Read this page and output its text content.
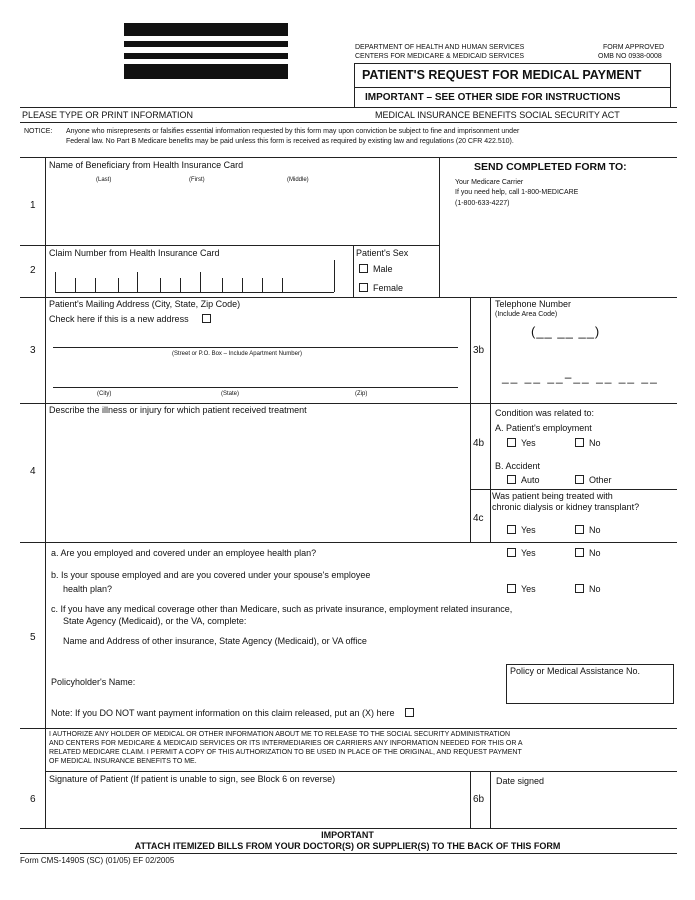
DEPARTMENT OF HEALTH AND HUMAN SERVICES
CENTERS FOR MEDICARE & MEDICAID SERVICES
FORM APPROVED
OMB NO 0938-0008
PATIENT'S REQUEST FOR MEDICAL PAYMENT
IMPORTANT – SEE OTHER SIDE FOR INSTRUCTIONS
PLEASE TYPE OR PRINT INFORMATION	MEDICAL INSURANCE BENEFITS SOCIAL SECURITY ACT
NOTICE: Anyone who misrepresents or falsifies essential information requested by this form may upon conviction be subject to fine and imprisonment under
Federal law. No Part B Medicare benefits may be paid unless this form is received as required by existing law and regulations (20 CFR 422.510).
1
Name of Beneficiary from Health Insurance Card
(Last)	(First)	(Middle)
SEND COMPLETED FORM TO:
Your Medicare Carrier
If you need help, call 1-800-MEDICARE
(1-800-633-4227)
2
Claim Number from Health Insurance Card	Patient's Sex
Male
Female
3
Patient's Mailing Address (City, State, Zip Code)
Check here if this is a new address
(Street or P.O. Box – Include Apartment Number)
(City)	(State)	(Zip)
3b
Telephone Number
(Include Area Code)
(__ __ __)
__ __ __–__ __ __ __
4
Describe the illness or injury for which patient received treatment
4b
Condition was related to:
A. Patient's employment
Yes	No
B. Accident
Auto	Other
4c
Was patient being treated with
chronic dialysis or kidney transplant?
Yes	No
5
a. Are you employed and covered under an employee health plan?	Yes	No
b. Is your spouse employed and are you covered under your spouse's employee
health plan?	Yes	No
c. If you have any medical coverage other than Medicare, such as private insurance, employment related insurance,
State Agency (Medicaid), or the VA, complete:
Name and Address of other insurance, State Agency (Medicaid), or VA office
Policy or Medical Assistance No.
Policyholder's Name:
Note: If you DO NOT want payment information on this claim released, put an (X) here
6
I AUTHORIZE ANY HOLDER OF MEDICAL OR OTHER INFORMATION ABOUT ME TO RELEASE TO THE SOCIAL SECURITY ADMINISTRATION
AND CENTERS FOR MEDICARE & MEDICAID SERVICES OR ITS INTERMEDIARIES OR CARRIERS ANY INFORMATION NEEDED FOR THIS OR A
RELATED MEDICARE CLAIM. I PERMIT A COPY OF THIS AUTHORIZATION TO BE USED IN PLACE OF THE ORIGINAL, AND REQUEST PAYMENT
OF MEDICAL INSURANCE BENEFITS TO ME.
Signature of Patient (If patient is unable to sign, see Block 6 on reverse)
6b
Date signed
IMPORTANT
ATTACH ITEMIZED BILLS FROM YOUR DOCTOR(S) OR SUPPLIER(S) TO THE BACK OF THIS FORM
Form CMS-1490S (SC) (01/05) EF 02/2005
